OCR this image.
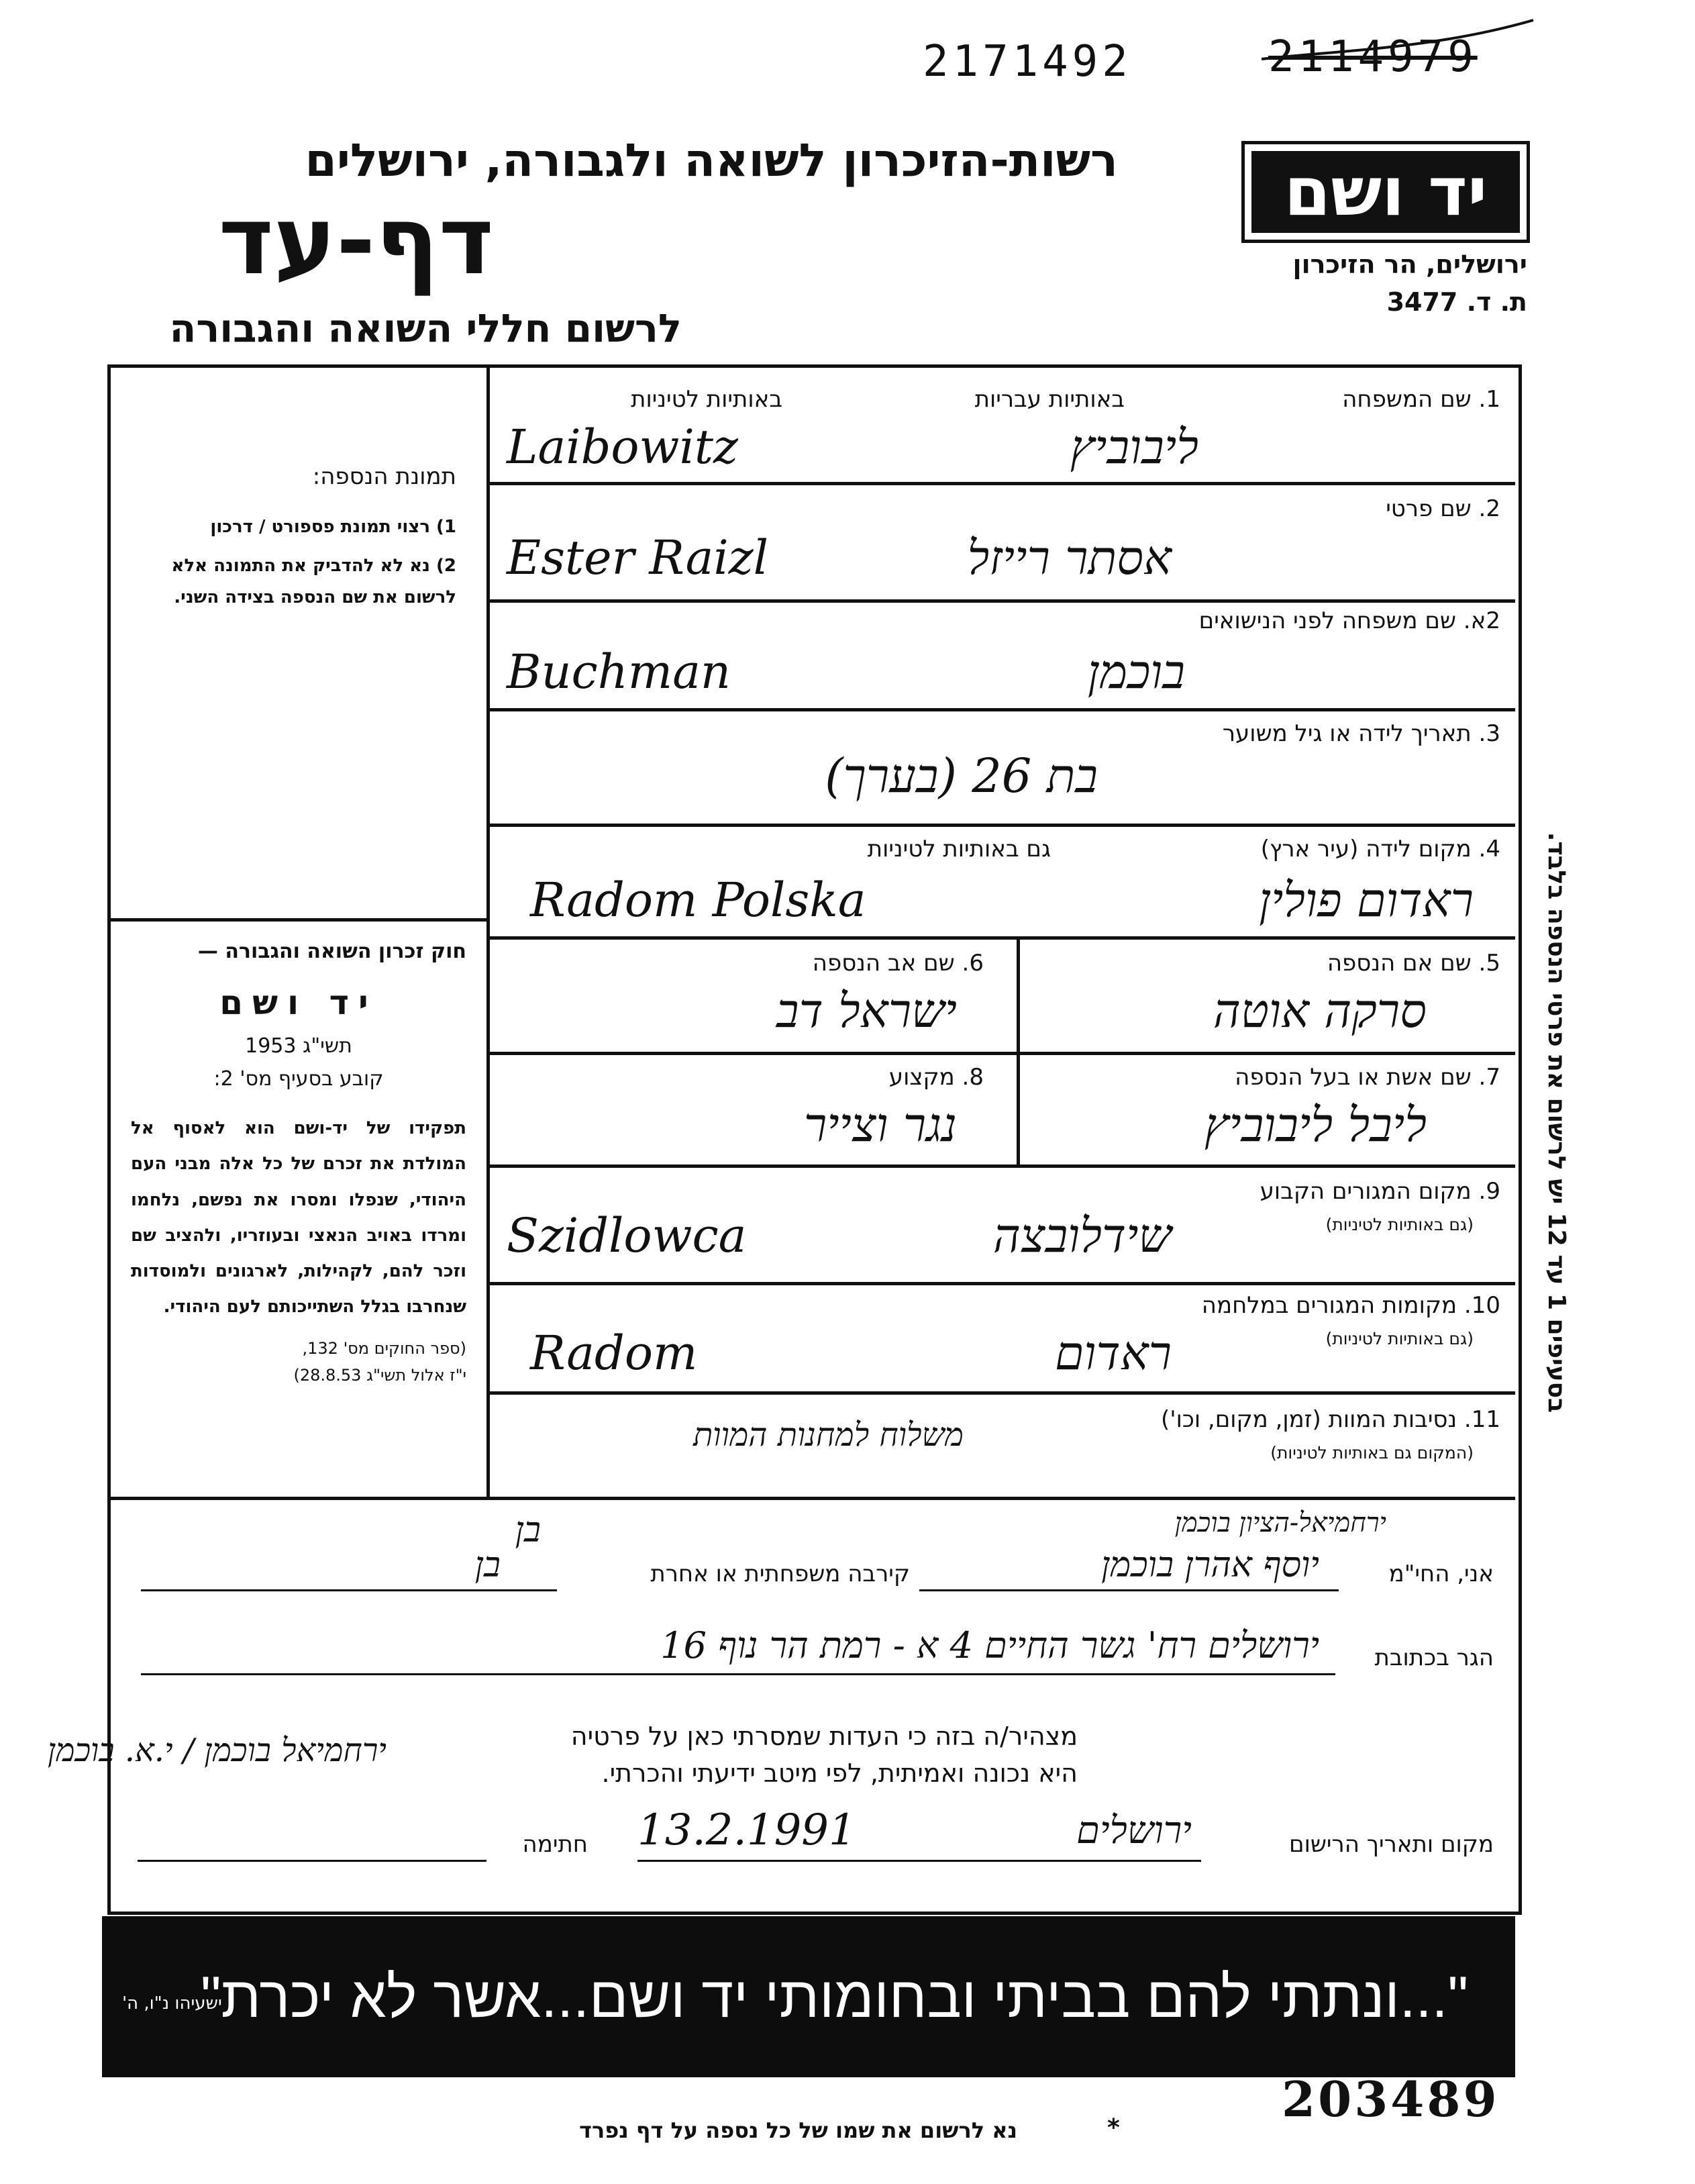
2171492	2114979
רשות-הזיכרון לשואה ולגבורה, ירושלים
דף-עד
לרשום חללי השואה והגבורה
יד ושם
ירושלים, הר הזיכרון
ת. ד. 3477

תמונת הנספה:

1) רצוי תמונת פספורט / דרכון

2) נא לא להדביק את התמונה אלא לרשום את שם הנספה בצידה השני.

חוק זכרון השואה והגבורה —

יד ושם

תשי"ג 1953

קובע בסעיף מס' 2:

תפקידו של יד-ושם הוא לאסוף אל המולדת את זכרם של כל אלה מבני העם היהודי, שנפלו ומסרו את נפשם, נלחמו ומרדו באויב הנאצי ובעוזריו, ולהציב שם וזכר להם, לקהילות, לארגונים ולמוסדות שנחרבו בגלל השתייכותם לעם היהודי.

(ספר החוקים מס' 132,

י"ז אלול תשי"ג 28.8.53)

1. שם המשפחה
באותיות עבריות
באותיות לטיניות
Laibowitz	ליבוביץ
2. שם פרטי
Ester Raizl	אסתר רייזל
2א. שם משפחה לפני הנישואים
Buchman	בוכמן
3. תאריך לידה או גיל משוער
בת 26 (בערך)
4. מקום לידה (עיר ארץ)
גם באותיות לטיניות
Radom Polska	ראדום פולין
5. שם אם הנספה
סרקה אוטה
6. שם אב הנספה
ישראל דב
7. שם אשת או בעל הנספה
ליבל ליבוביץ
8. מקצוע
נגר וצייר
9. מקום המגורים הקבוע
(גם באותיות לטיניות)
Szidlowca	שידלובצה
10. מקומות המגורים במלחמה
(גם באותיות לטיניות)
Radom	ראדום
11. נסיבות המוות (זמן, מקום, וכו')
(המקום גם באותיות לטיניות)
משלוח למחנות המוות
ירחמיאל-הציון בוכמן
בן
אני, החי"מ
יוסף אהרן בוכמן
קירבה משפחתית או אחרת
בן
הגר בכתובת
ירושלים רח' גשר החיים 4 א - רמת הר נוף 16
מצהיר/ה בזה כי העדות שמסרתי כאן על פרטיה
היא נכונה ואמיתית, לפי מיטב ידיעתי והכרתי.
ירחמיאל בוכמן / י.א. בוכמן
מקום ותאריך הרישום
13.2.1991	ירושלים
חתימה
"...ונתתי להם בביתי ובחומותי יד ושם...אשר לא יכרת"
ישעיהו נ"ו, ה'
בסעיפים 1 עד 12 יש לרשום את פרטי הנספה בלבד.
203489
נא לרשום את שמו של כל נספה על דף נפרד	*
